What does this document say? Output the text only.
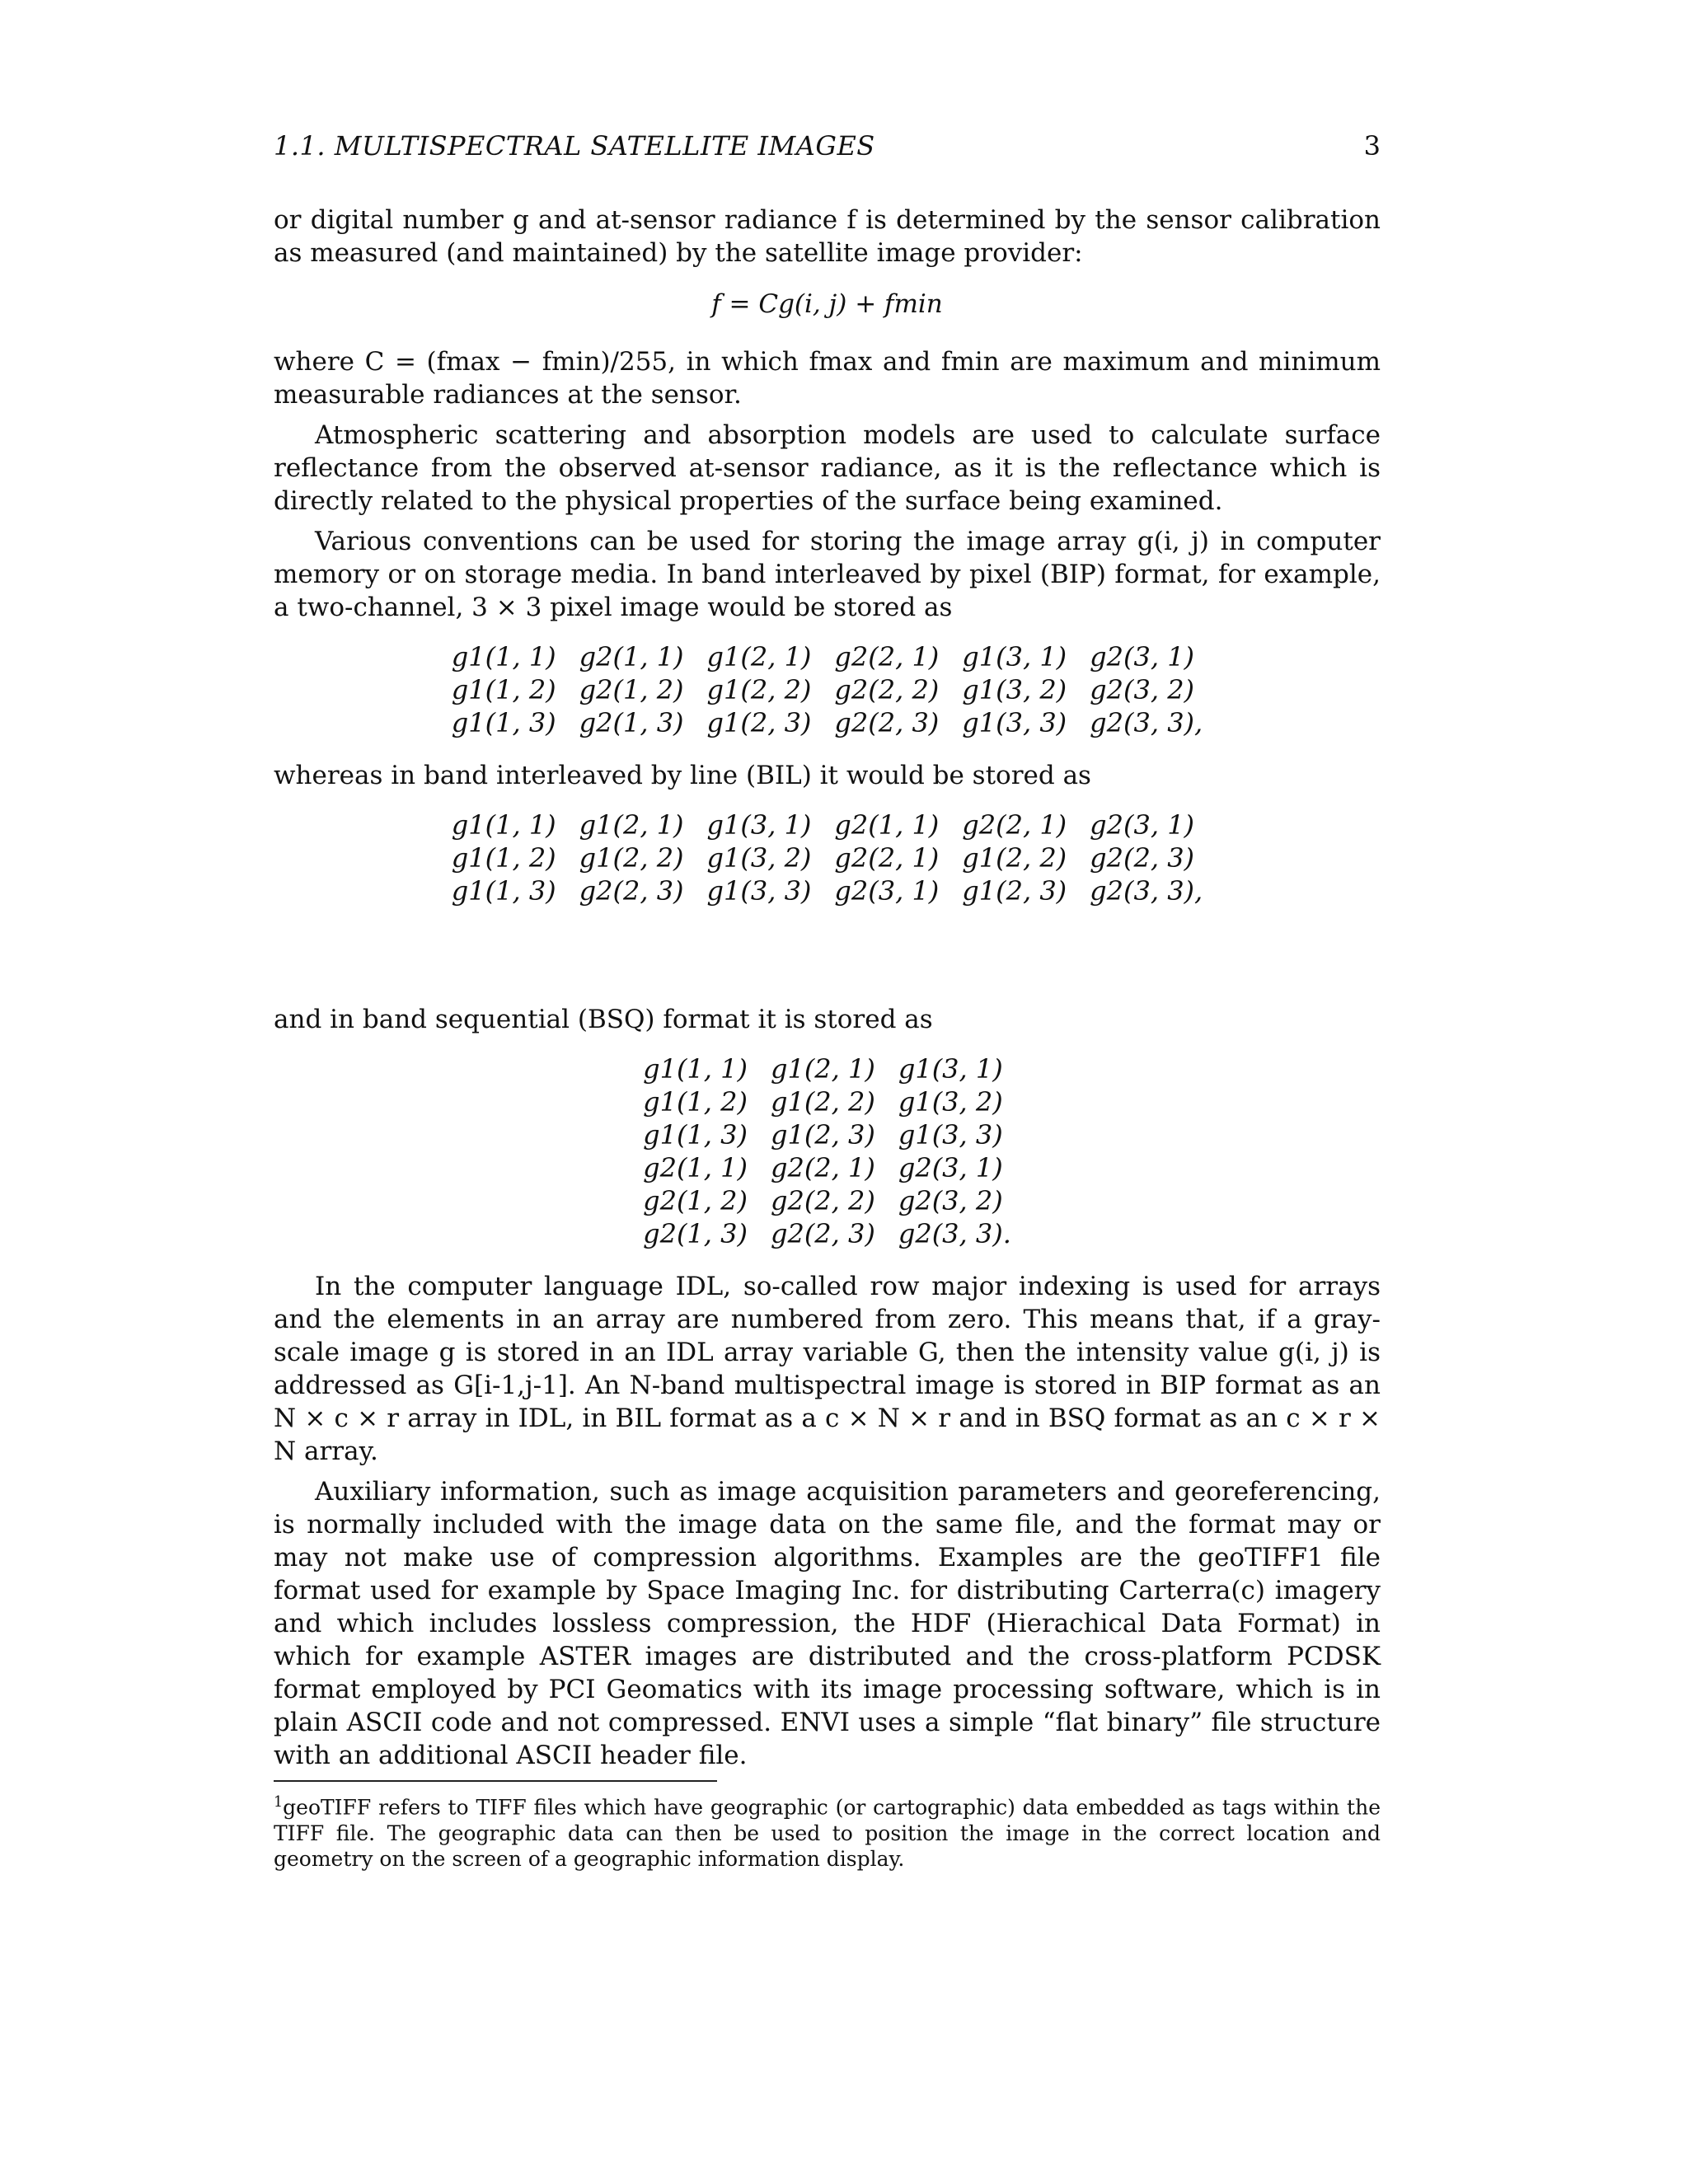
1.1. MULTISPECTRAL SATELLITE IMAGES	3

or digital number g and at-sensor radiance f is determined by the sensor calibration as measured (and maintained) by the satellite image provider:

f = Cg(i, j) + fmin

where C = (fmax − fmin)/255, in which fmax and fmin are maximum and minimum measurable radiances at the sensor.

Atmospheric scattering and absorption models are used to calculate surface reflectance from the observed at-sensor radiance, as it is the reflectance which is directly related to the physical properties of the surface being examined.

Various conventions can be used for storing the image array g(i, j) in computer memory or on storage media. In band interleaved by pixel (BIP) format, for example, a two-channel, 3 × 3 pixel image would be stored as

g1(1, 1)	g2(1, 1)	g1(2, 1)	g2(2, 1)	g1(3, 1)	g2(3, 1)
g1(1, 2)	g2(1, 2)	g1(2, 2)	g2(2, 2)	g1(3, 2)	g2(3, 2)
g1(1, 3)	g2(1, 3)	g1(2, 3)	g2(2, 3)	g1(3, 3)	g2(3, 3),

whereas in band interleaved by line (BIL) it would be stored as

g1(1, 1)	g1(2, 1)	g1(3, 1)	g2(1, 1)	g2(2, 1)	g2(3, 1)
g1(1, 2)	g1(2, 2)	g1(3, 2)	g2(2, 1)	g1(2, 2)	g2(2, 3)
g1(1, 3)	g2(2, 3)	g1(3, 3)	g2(3, 1)	g1(2, 3)	g2(3, 3),

and in band sequential (BSQ) format it is stored as

g1(1, 1)	g1(2, 1)	g1(3, 1)
g1(1, 2)	g1(2, 2)	g1(3, 2)
g1(1, 3)	g1(2, 3)	g1(3, 3)
g2(1, 1)	g2(2, 1)	g2(3, 1)
g2(1, 2)	g2(2, 2)	g2(3, 2)
g2(1, 3)	g2(2, 3)	g2(3, 3).

In the computer language IDL, so-called row major indexing is used for arrays and the elements in an array are numbered from zero. This means that, if a gray-scale image g is stored in an IDL array variable G, then the intensity value g(i, j) is addressed as G[i-1,j-1]. An N-band multispectral image is stored in BIP format as an N × c × r array in IDL, in BIL format as a c × N × r and in BSQ format as an c × r × N array.

Auxiliary information, such as image acquisition parameters and georeferencing, is normally included with the image data on the same file, and the format may or may not make use of compression algorithms. Examples are the geoTIFF1 file format used for example by Space Imaging Inc. for distributing Carterra(c) imagery and which includes lossless compression, the HDF (Hierachical Data Format) in which for example ASTER images are distributed and the cross-platform PCDSK format employed by PCI Geomatics with its image processing software, which is in plain ASCII code and not compressed. ENVI uses a simple “flat binary” file structure with an additional ASCII header file.

$^1$geoTIFF refers to TIFF files which have geographic (or cartographic) data embedded as tags within the TIFF file. The geographic data can then be used to position the image in the correct location and geometry on the screen of a geographic information display.
